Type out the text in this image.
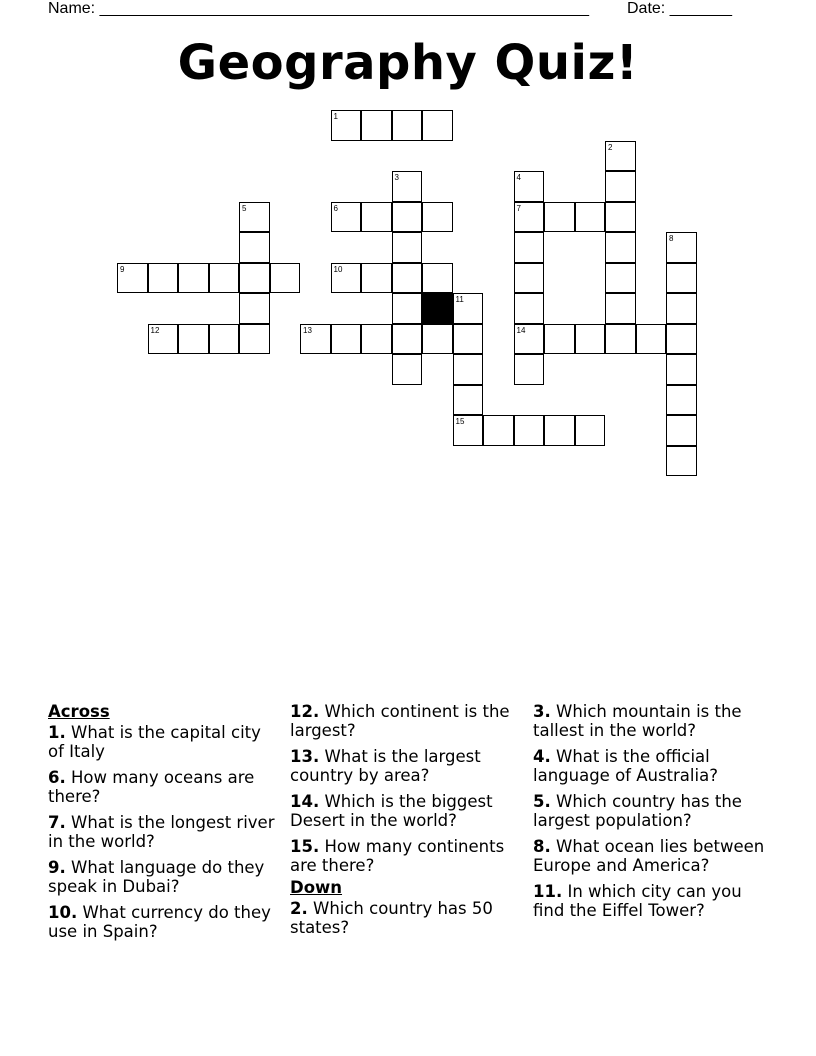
Name: _______________________________________________________ Date: _______
Geography Quiz!
1
2
3	4
5	6	7
8
9	10
11
12	13	14
15
Across
1. What is the capital city of Italy
6. How many oceans are there?
7. What is the longest river in the world?
9. What language do they speak in Dubai?
10. What currency do they use in Spain?
12. Which continent is the largest?
13. What is the largest country by area?
14. Which is the biggest Desert in the world?
15. How many continents are there?
Down
2. Which country has 50 states?
3. Which mountain is the tallest in the world?
4. What is the official language of Australia?
5. Which country has the largest population?
8. What ocean lies between Europe and America?
11. In which city can you find the Eiffel Tower?
